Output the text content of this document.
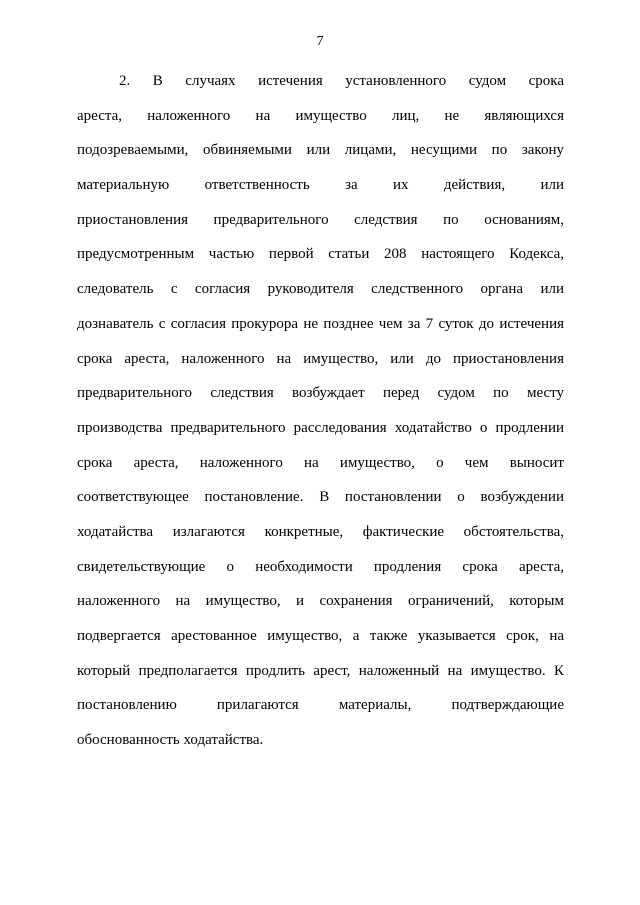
7
2. В случаях истечения установленного судом срока
ареста, наложенного на имущество лиц, не являющихся
подозреваемыми, обвиняемыми или лицами, несущими по закону
материальную ответственность за их действия, или
приостановления предварительного следствия по основаниям,
предусмотренным частью первой статьи 208 настоящего Кодекса,
следователь с согласия руководителя следственного органа или
дознаватель с согласия прокурора не позднее чем за 7 суток до истечения
срока ареста, наложенного на имущество, или до приостановления
предварительного следствия возбуждает перед судом по месту
производства предварительного расследования ходатайство о продлении
срока ареста, наложенного на имущество, о чем выносит
соответствующее постановление. В постановлении о возбуждении
ходатайства излагаются конкретные, фактические обстоятельства,
свидетельствующие о необходимости продления срока ареста,
наложенного на имущество, и сохранения ограничений, которым
подвергается арестованное имущество, а также указывается срок, на
который предполагается продлить арест, наложенный на имущество. К
постановлению прилагаются материалы, подтверждающие
обоснованность ходатайства.
